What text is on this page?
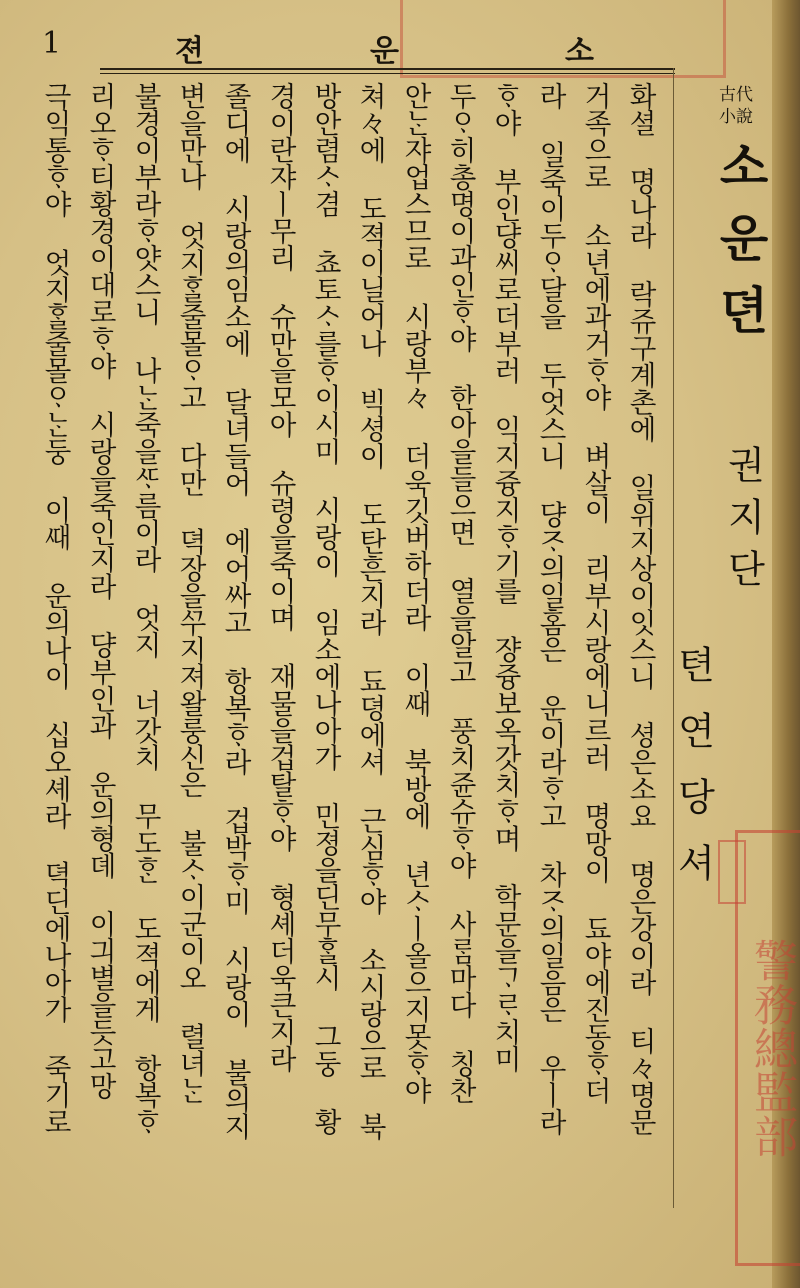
1	젼	운	소
古代小說
소운뎐
권지단
텬연당셔
警務總監部
화셜 명나라 락쥬구계촌에 일위지상이잇스니 셩은소요 명은강이라 티々명문
거족으로 소년에과거ᄒᆞ야 벼살이 리부시랑에니르러 명망이 됴야에진동ᄒᆞ더
라 일죽이두ᄋᆞ달을 두엇스니 댱ᄌᆞ의일홈은 운이라ᄒᆞ고 차ᄌᆞ의일음은 우ㅣ라
ᄒᆞ야 부인댱씨로더부러 익지즁지ᄒᆞ기를 쟝즁보옥갓치ᄒᆞ며 학문을ᄀᆞᄅᆞ치미
두ᄋᆞ히총명이과인ᄒᆞ야 한아을들으면 열을알고 풍치쥰슈ᄒᆞ야 사ᄅᆞᆷ마다 칭찬
안ᄂᆞᆫ쟈업스므로 시랑부々 더욱깃버하더라 이ᄯᅢ 북방에 년ᄉᆞㅣ올으지못ᄒᆞ야
쳐々에 도젹이닐어나 빅셩이 도탄흔지라 됴뎡에셔 근심ᄒᆞ야 소시랑으로 북
방안렴ᄉᆞ겸 쵸토ᄉᆞ를ᄒᆞ이시미 시랑이 임소에나아가 민졍을딘무ᄒᆞᆯ시 그둥 황
경이란쟈ㅣ무리 슈만을모아 슈령을죽이며 재물을겁탈ᄒᆞ야 형셰더욱큰지라
졸디에 시랑의임소에 달녀들어 에어싸고 항복ᄒᆞ라 겁박ᄒᆞ미 시랑이 불의지
변을만나 엇지ᄒᆞᆯ줄몰ᄋᆞ고 다만 뎍장을ᄭᅮ지져왈룽신은 불ᄉᆞ이군이오 렬녀ᄂᆞᆫ
불경이부라ᄒᆞ얏스니 나ᄂᆞᆫ죽을ᄯᆞ름이라 엇지 너갓치 무도ᄒᆞᆫ 도젹에게 항복ᄒᆞ
리오ᄒᆞ티황경이대로ᄒᆞ야 시랑을죽인지라 댱부인과 운의형뎨 이긔별을듯고망
극익통ᄒᆞ야 엇지ᄒᆞᆯ줄몰ᄋᆞᄂᆞᆫ둥 이ᄯᅢ 운의나이 십오셰라 뎍딘에나아가 죽기로
